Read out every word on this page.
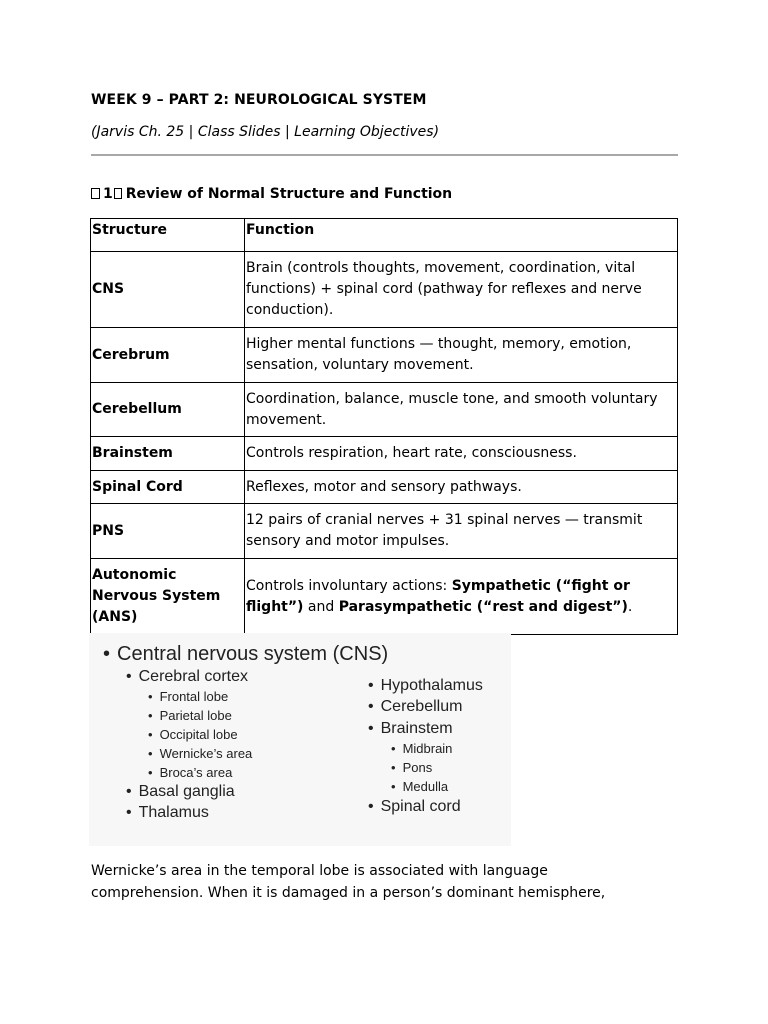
WEEK 9 – PART 2: NEUROLOGICAL SYSTEM
(Jarvis Ch. 25 | Class Slides | Learning Objectives)
1 Review of Normal Structure and Function
Structure	Function
CNS	Brain (controls thoughts, movement, coordination, vital functions) + spinal cord (pathway for reflexes and nerve conduction).
Cerebrum	Higher mental functions — thought, memory, emotion, sensation, voluntary movement.
Cerebellum	Coordination, balance, muscle tone, and smooth voluntary movement.
Brainstem	Controls respiration, heart rate, consciousness.
Spinal Cord	Reflexes, motor and sensory pathways.
PNS	12 pairs of cranial nerves + 31 spinal nerves — transmit sensory and motor impulses.
Autonomic Nervous System (ANS)	Controls involuntary actions: Sympathetic (“fight or flight”) and Parasympathetic (“rest and digest”).
• Central nervous system (CNS)
• Cerebral cortex
• Frontal lobe
• Parietal lobe
• Occipital lobe
• Wernicke’s area
• Broca’s area
• Basal ganglia
• Thalamus
• Hypothalamus
• Cerebellum
• Brainstem
• Midbrain
• Pons
• Medulla
• Spinal cord
Wernicke’s area in the temporal lobe is associated with language
comprehension. When it is damaged in a person’s dominant hemisphere,
